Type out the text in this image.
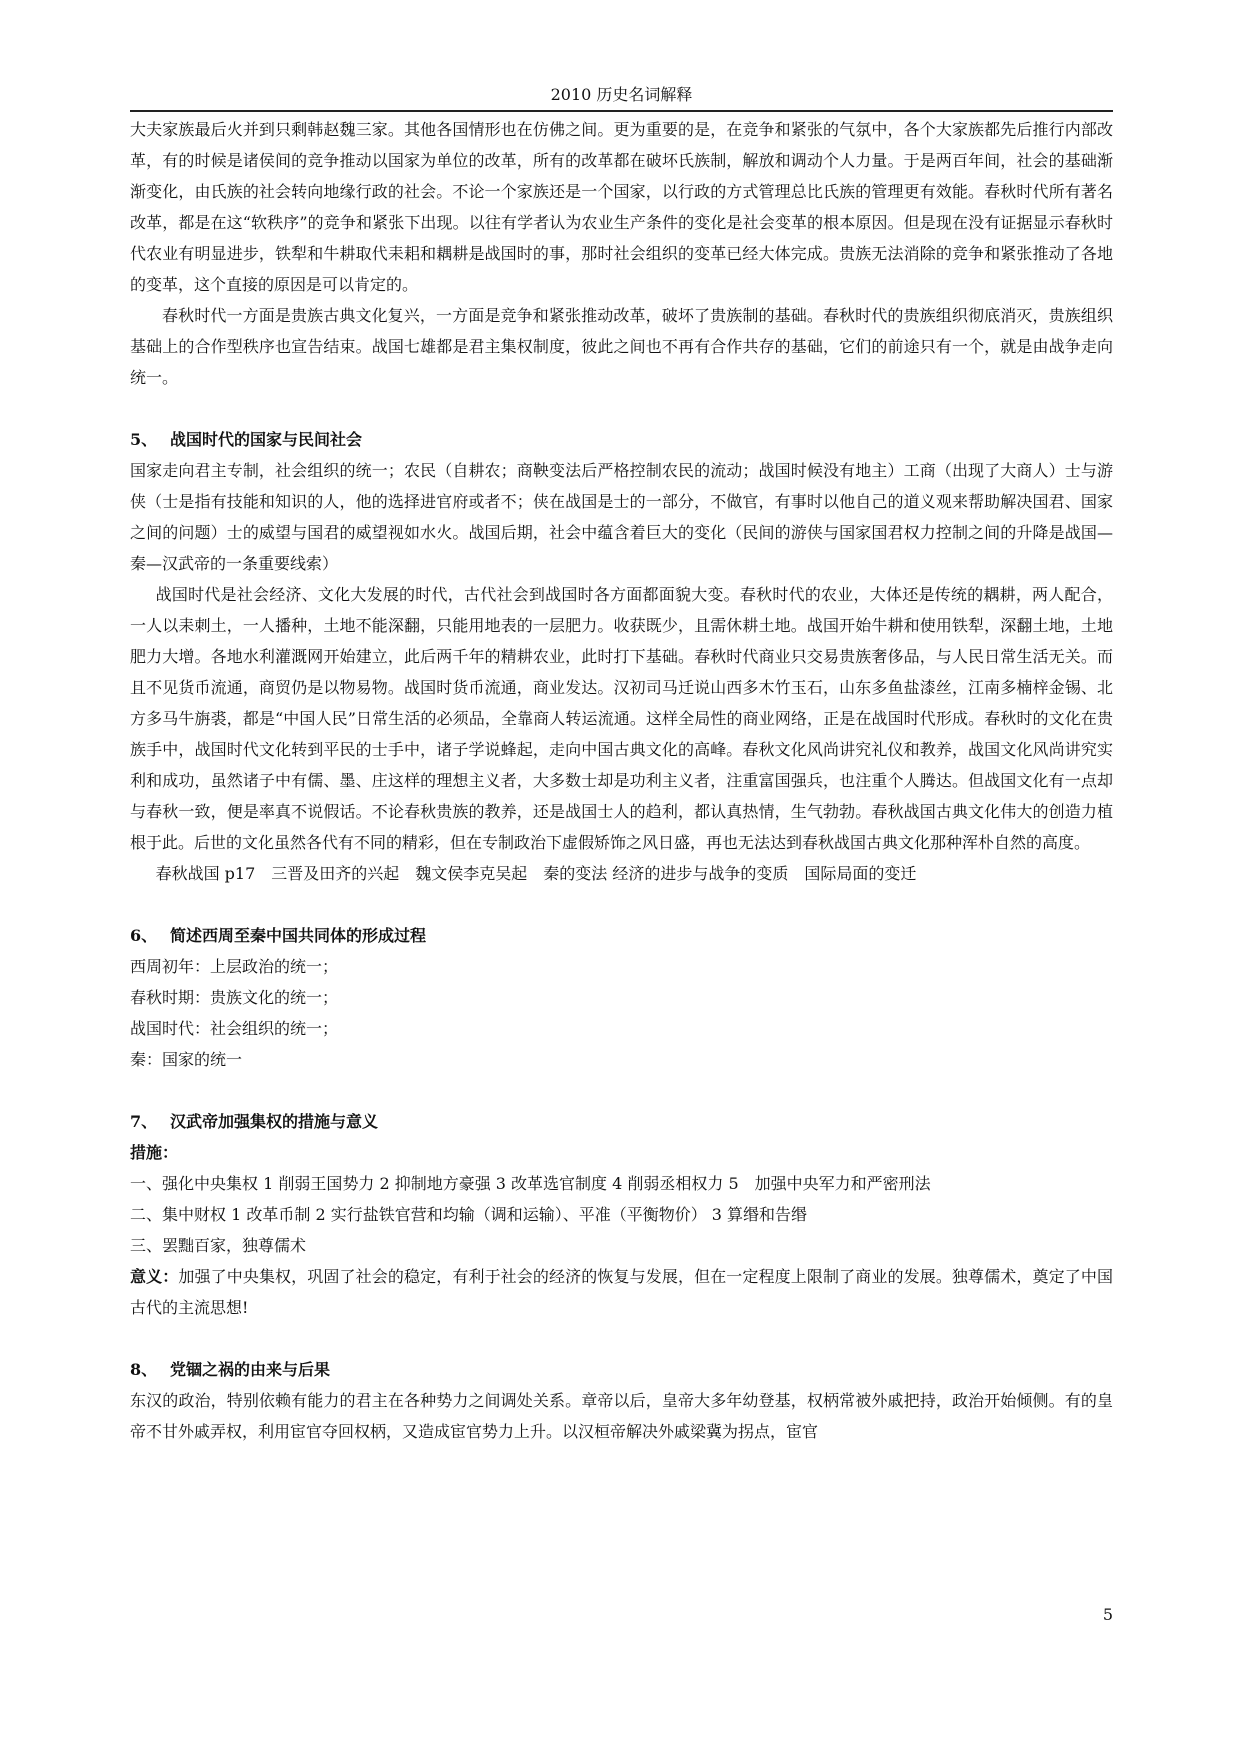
2010 历史名词解释

大夫家族最后火并到只剩韩赵魏三家。其他各国情形也在仿佛之间。更为重要的是，在竞争和紧张的气氛中，各个大家族都先后推行内部改革，有的时候是诸侯间的竞争推动以国家为单位的改革，所有的改革都在破坏氏族制，解放和调动个人力量。于是两百年间，社会的基础渐渐变化，由氏族的社会转向地缘行政的社会。不论一个家族还是一个国家，以行政的方式管理总比氏族的管理更有效能。春秋时代所有著名改革，都是在这“软秩序”的竞争和紧张下出现。以往有学者认为农业生产条件的变化是社会变革的根本原因。但是现在没有证据显示春秋时代农业有明显进步，铁犁和牛耕取代耒耜和耦耕是战国时的事，那时社会组织的变革已经大体完成。贵族无法消除的竞争和紧张推动了各地的变革，这个直接的原因是可以肯定的。

春秋时代一方面是贵族古典文化复兴，一方面是竞争和紧张推动改革，破坏了贵族制的基础。春秋时代的贵族组织彻底消灭，贵族组织基础上的合作型秩序也宣告结束。战国七雄都是君主集权制度，彼此之间也不再有合作共存的基础，它们的前途只有一个，就是由战争走向统一。

5、 战国时代的国家与民间社会

国家走向君主专制，社会组织的统一；农民（自耕农；商鞅变法后严格控制农民的流动；战国时候没有地主）工商（出现了大商人）士与游侠（士是指有技能和知识的人，他的选择进官府或者不；侠在战国是士的一部分，不做官，有事时以他自己的道义观来帮助解决国君、国家之间的问题）士的威望与国君的威望视如水火。战国后期，社会中蕴含着巨大的变化（民间的游侠与国家国君权力控制之间的升降是战国—秦—汉武帝的一条重要线索）

战国时代是社会经济、文化大发展的时代，古代社会到战国时各方面都面貌大变。春秋时代的农业，大体还是传统的耦耕，两人配合，一人以耒刺土，一人播种，土地不能深翻，只能用地表的一层肥力。收获既少，且需休耕土地。战国开始牛耕和使用铁犁，深翻土地，土地肥力大增。各地水利灌溉网开始建立，此后两千年的精耕农业，此时打下基础。春秋时代商业只交易贵族奢侈品，与人民日常生活无关。而且不见货币流通，商贸仍是以物易物。战国时货币流通，商业发达。汉初司马迁说山西多木竹玉石，山东多鱼盐漆丝，江南多楠梓金锡、北方多马牛旃裘，都是“中国人民”日常生活的必须品，全靠商人转运流通。这样全局性的商业网络，正是在战国时代形成。春秋时的文化在贵族手中，战国时代文化转到平民的士手中，诸子学说蜂起，走向中国古典文化的高峰。春秋文化风尚讲究礼仪和教养，战国文化风尚讲究实利和成功，虽然诸子中有儒、墨、庄这样的理想主义者，大多数士却是功利主义者，注重富国强兵，也注重个人腾达。但战国文化有一点却与春秋一致，便是率真不说假话。不论春秋贵族的教养，还是战国士人的趋利，都认真热情，生气勃勃。春秋战国古典文化伟大的创造力植根于此。后世的文化虽然各代有不同的精彩，但在专制政治下虚假矫饰之风日盛，再也无法达到春秋战国古典文化那种浑朴自然的高度。

春秋战国 p17　三晋及田齐的兴起　魏文侯李克吴起　秦的变法 经济的进步与战争的变质　国际局面的变迁

6、 简述西周至秦中国共同体的形成过程

西周初年：上层政治的统一；

春秋时期：贵族文化的统一；

战国时代：社会组织的统一；

秦：国家的统一

7、 汉武帝加强集权的措施与意义

措施：

一、强化中央集权 1 削弱王国势力 2 抑制地方豪强 3 改革选官制度 4 削弱丞相权力 5　加强中央军力和严密刑法

二、集中财权 1 改革币制 2 实行盐铁官营和均输（调和运输）、平准（平衡物价） 3 算缗和告缗

三、罢黜百家，独尊儒术

意义：加强了中央集权，巩固了社会的稳定，有利于社会的经济的恢复与发展，但在一定程度上限制了商业的发展。独尊儒术，奠定了中国古代的主流思想!

8、 党锢之祸的由来与后果

东汉的政治，特别依赖有能力的君主在各种势力之间调处关系。章帝以后，皇帝大多年幼登基，权柄常被外戚把持，政治开始倾侧。有的皇帝不甘外戚弄权，利用宦官夺回权柄，又造成宦官势力上升。以汉桓帝解决外戚梁冀为拐点，宦官

5
